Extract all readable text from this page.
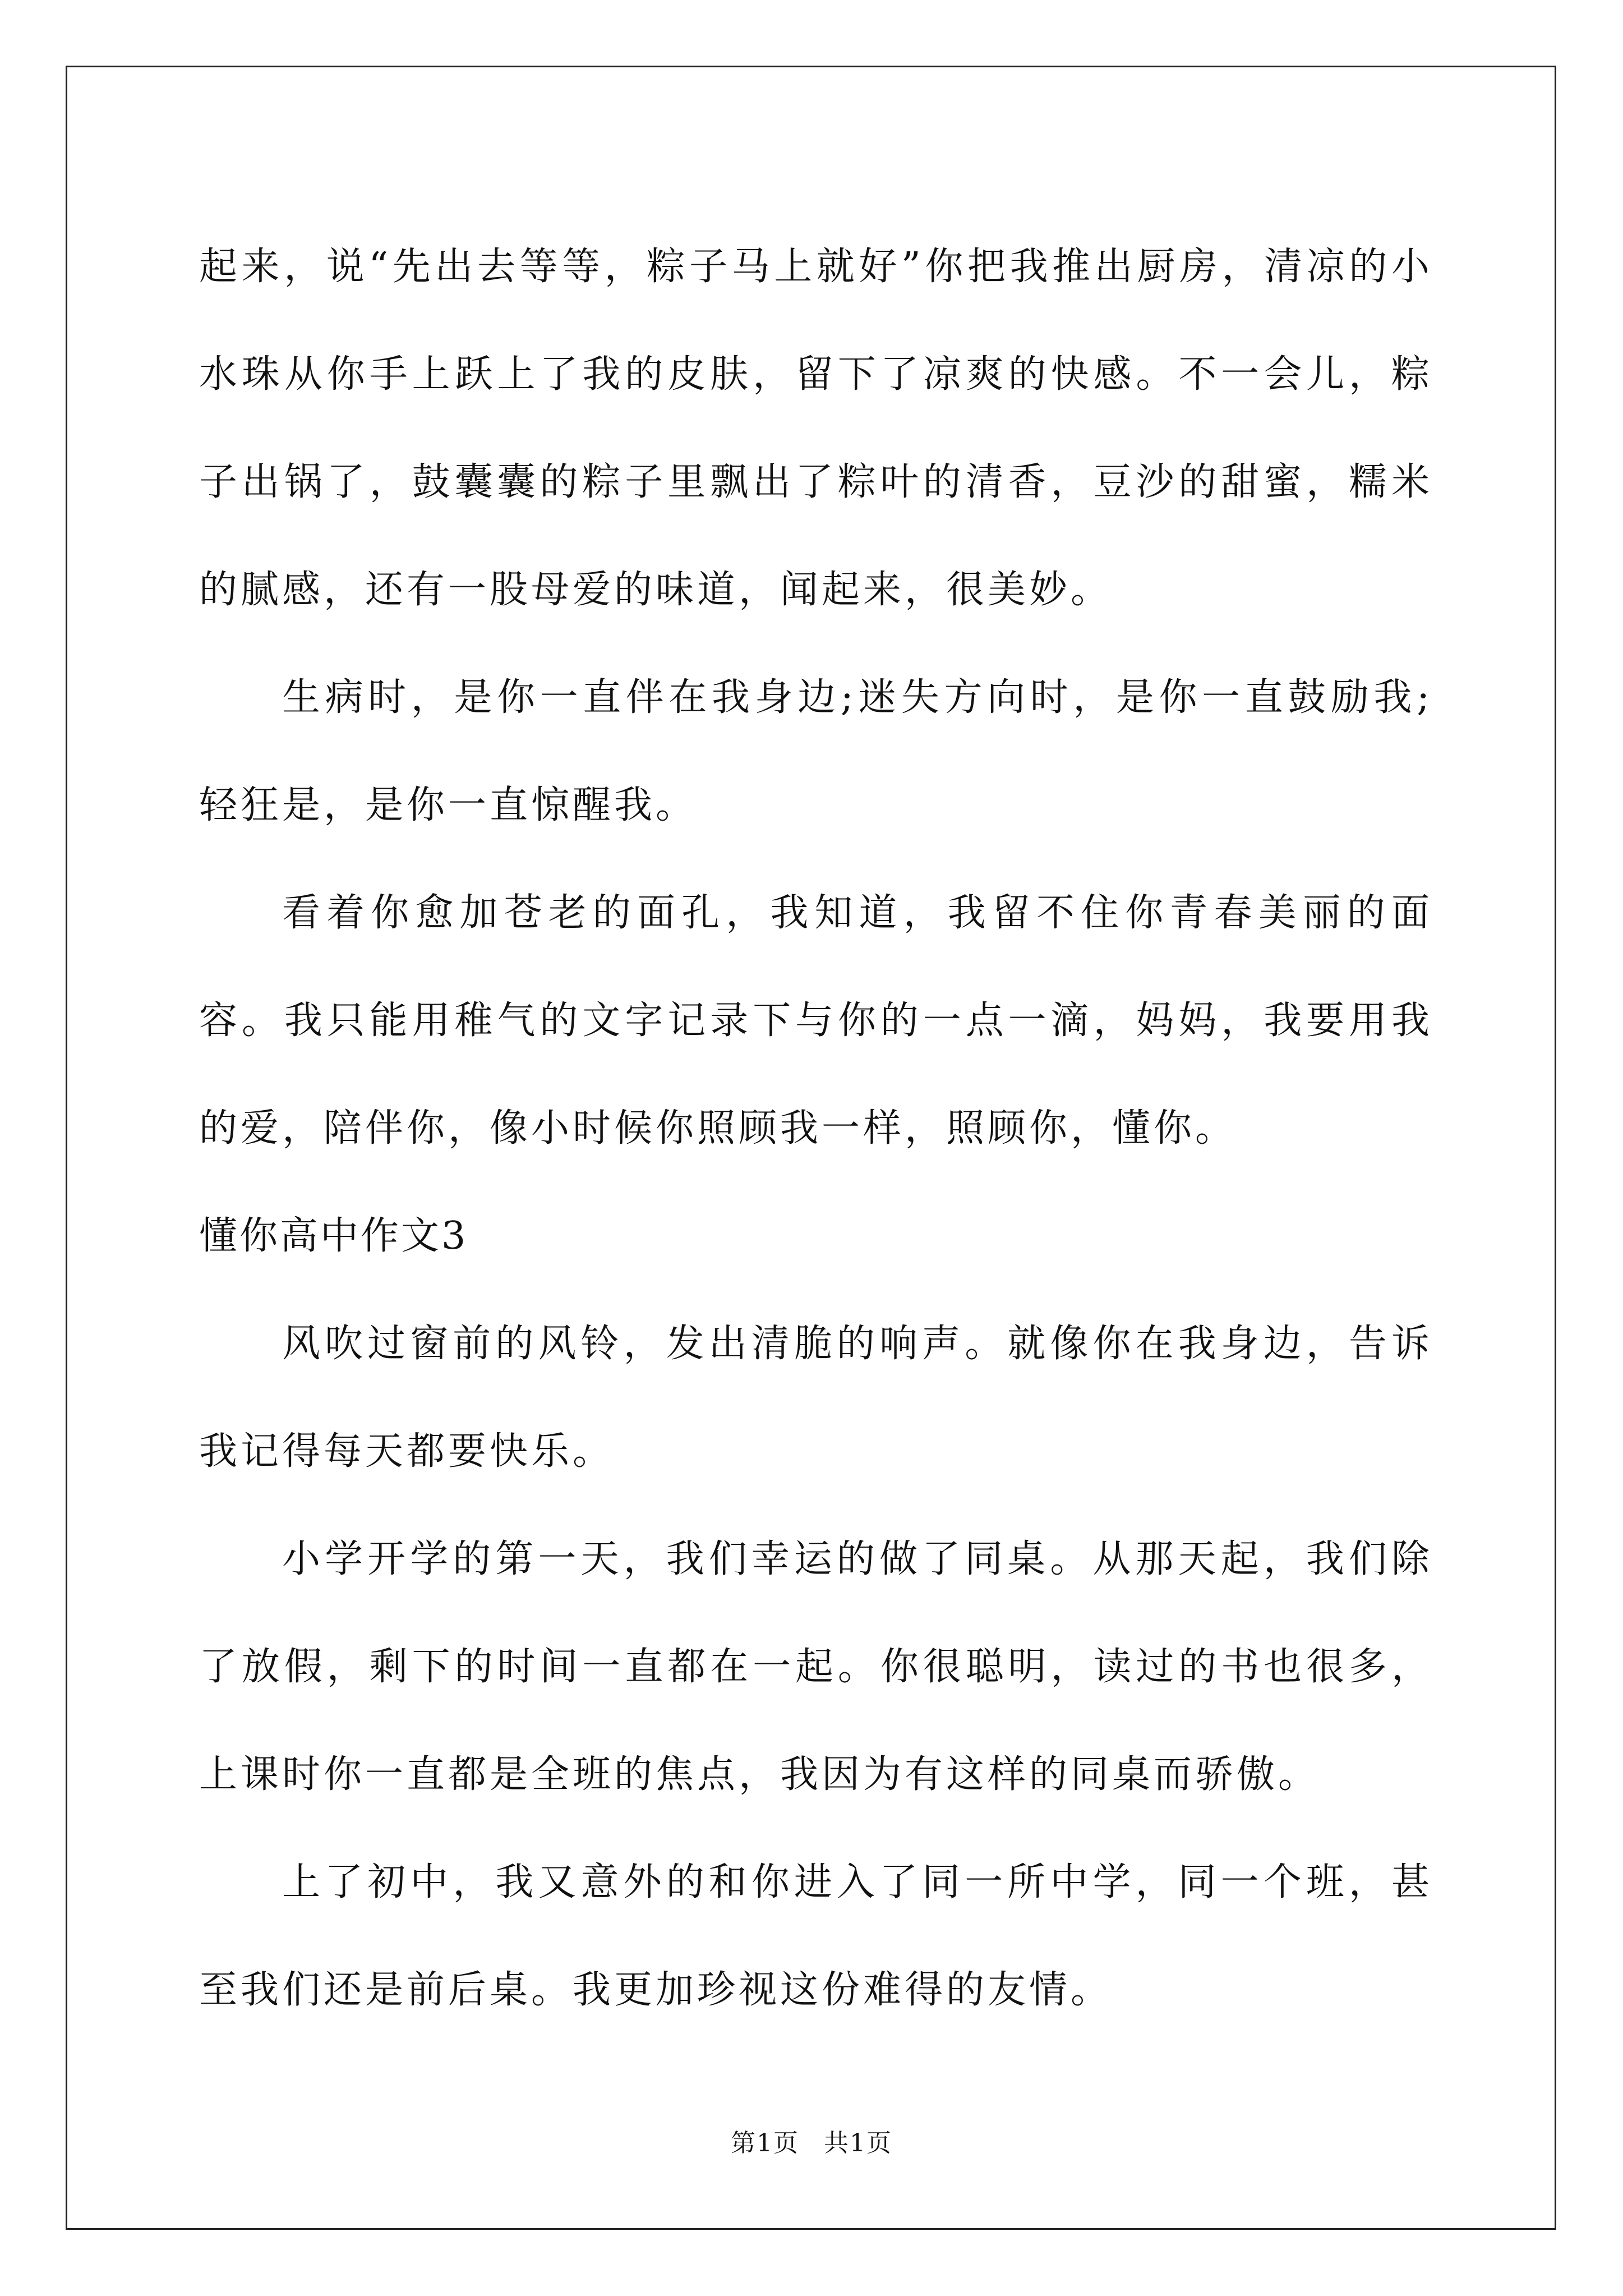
起来，说“先出去等等，粽子马上就好”你把我推出厨房，清凉的小水珠从你手上跃上了我的皮肤，留下了凉爽的快感。不一会儿，粽子出锅了，鼓囊囊的粽子里飘出了粽叶的清香，豆沙的甜蜜，糯米的腻感，还有一股母爱的味道，闻起来，很美妙。

生病时，是你一直伴在我身边;迷失方向时，是你一直鼓励我;轻狂是，是你一直惊醒我。

看着你愈加苍老的面孔，我知道，我留不住你青春美丽的面容。我只能用稚气的文字记录下与你的一点一滴，妈妈，我要用我的爱，陪伴你，像小时候你照顾我一样，照顾你，懂你。

懂你高中作文3

风吹过窗前的风铃，发出清脆的响声。就像你在我身边，告诉我记得每天都要快乐。

小学开学的第一天，我们幸运的做了同桌。从那天起，我们除了放假，剩下的时间一直都在一起。你很聪明，读过的书也很多，上课时你一直都是全班的焦点，我因为有这样的同桌而骄傲。

上了初中，我又意外的和你进入了同一所中学，同一个班，甚至我们还是前后桌。我更加珍视这份难得的友情。

第1页 共1页
